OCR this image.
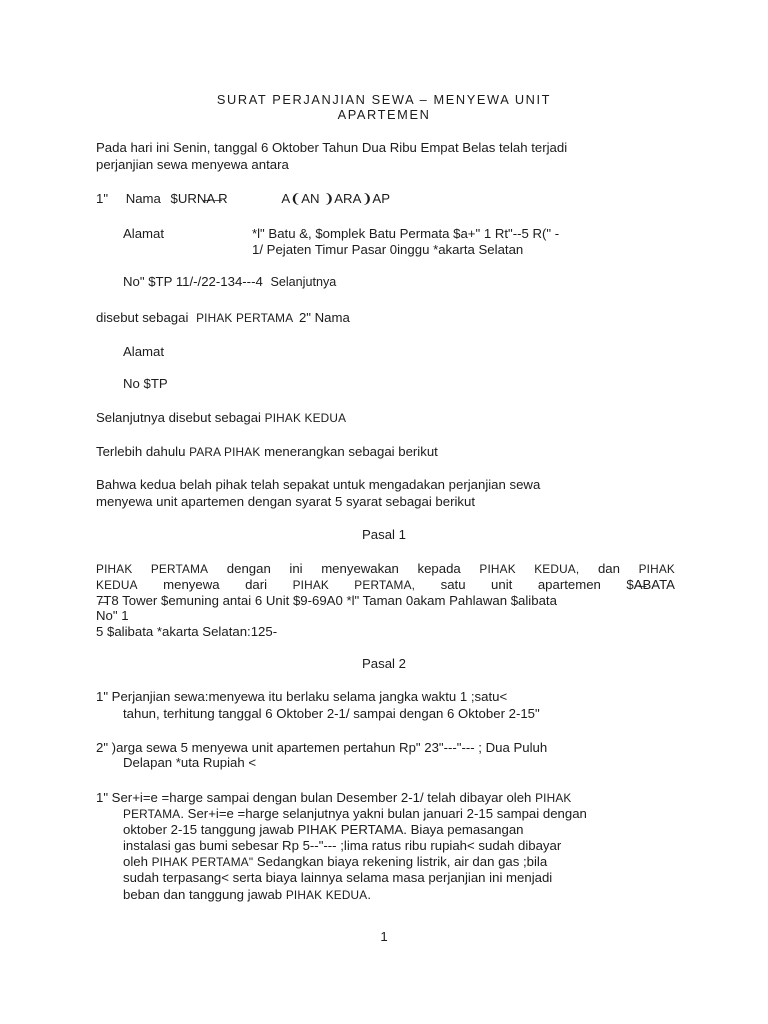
SURAT PERJANJIAN SEWA – MENYEWA UNIT
APARTEMEN
Pada hari ini Senin, tanggal 6 Oktober Tahun Dua Ribu Empat Belas telah terjadi
perjanjian sewa menyewa antara
1" Nama $URN̶A ̶R	A❨AN ❩ARA❩AP
Alamat	*l" Batu &, $omplek Batu Permata $a+" 1 Rt"--5 R(" -
1/ Pejaten Timur Pasar 0inggu *akarta Selatan
No" $TP 11/-/22-134---4 Selanjutnya
disebut sebagai PIHAK PERTAMA 2" Nama
Alamat
No $TP
Selanjutnya disebut sebagai PIHAK KEDUA
Terlebih dahulu PARA PIHAK menerangkan sebagai berikut
Bahwa kedua belah pihak telah sepakat untuk mengadakan perjanjian sewa
menyewa unit apartemen dengan syarat 5 syarat sebagai berikut
Pasal 1
PIHAK PERTAMA dengan ini menyewakan kepada PIHAK KEDUA, dan PIHAK
KEDUA menyewa dari PIHAK PERTAMA, satu unit apartemen $A̶BATA
7̶T8 Tower $emuning antai 6 Unit $9-69A0 *l" Taman 0akam Pahlawan $alibata
No" 1
5 $alibata *akarta Selatan:125-
Pasal 2
1" Perjanjian sewa:menyewa itu berlaku selama jangka waktu 1 ;satu<
tahun, terhitung tanggal 6 Oktober 2-1/ sampai dengan 6 Oktober 2-15"
2" )arga sewa 5 menyewa unit apartemen pertahun Rp" 23"---"--- ; Dua Puluh
Delapan *uta Rupiah <
1" Ser+i=e =harge sampai dengan bulan Desember 2-1/ telah dibayar oleh PIHAK
PERTAMA. Ser+i=e =harge selanjutnya yakni bulan januari 2-15 sampai dengan
oktober 2-15 tanggung jawab PIHAK PERTAMA. Biaya pemasangan
instalasi gas bumi sebesar Rp 5--"--- ;lima ratus ribu rupiah< sudah dibayar
oleh PIHAK PERTAMA" Sedangkan biaya rekening listrik, air dan gas ;bila
sudah terpasang< serta biaya lainnya selama masa perjanjian ini menjadi
beban dan tanggung jawab PIHAK KEDUA.
1
